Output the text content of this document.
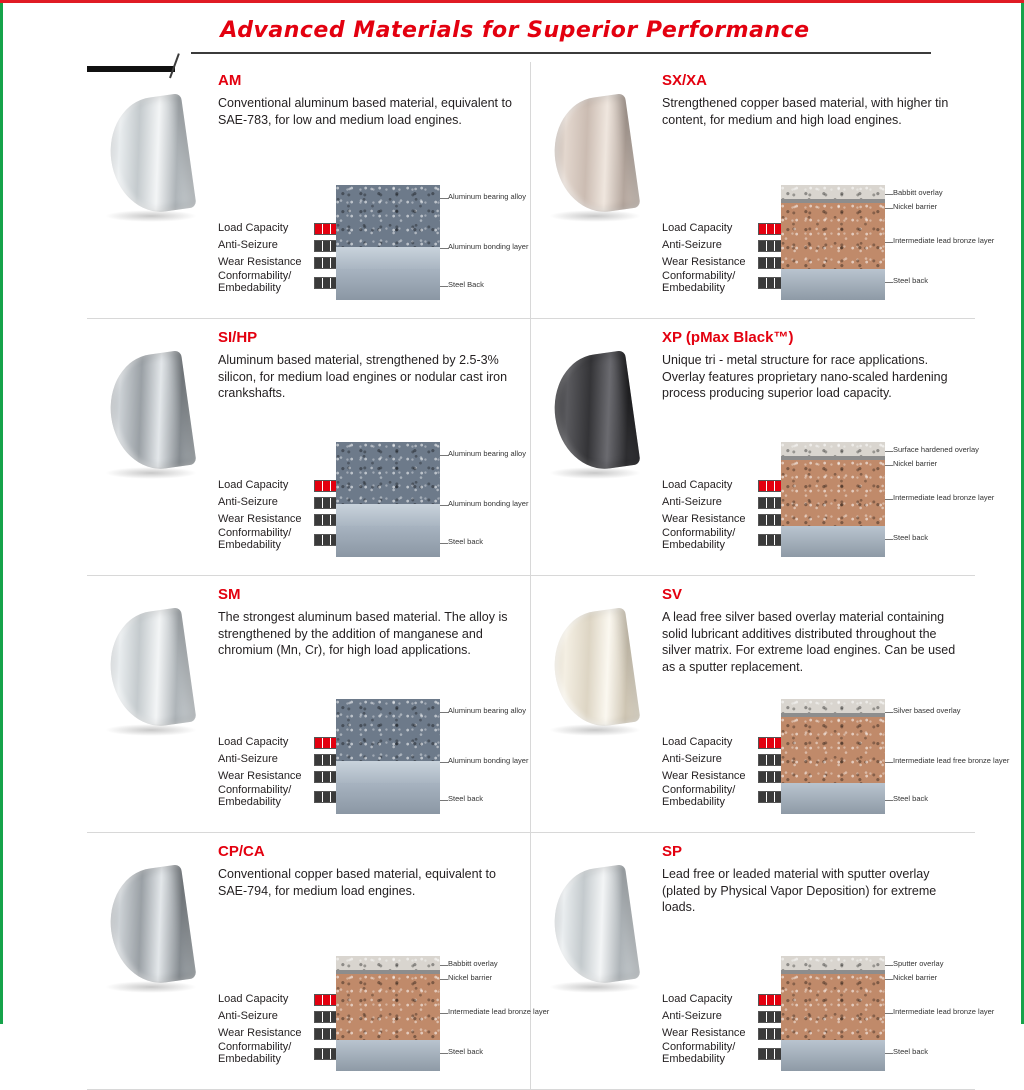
Advanced Materials for Superior Performance
AM

Conventional aluminum based material, equivalent to SAE-783, for low and medium load engines.

Load Capacity
Anti-Seizure
Wear Resistance
Conformability/
Embedability
Aluminum bearing alloy
Aluminum bonding layer
Steel Back
SX/XA

Strengthened copper based material, with higher tin content, for medium and high load engines.

Load Capacity
Anti-Seizure
Wear Resistance
Conformability/
Embedability
Babbitt overlay
Nickel barrier
Intermediate lead bronze layer
Steel back
SI/HP

Aluminum based material, strengthened by 2.5-3% silicon, for medium load engines or nodular cast iron crankshafts.

Load Capacity
Anti-Seizure
Wear Resistance
Conformability/
Embedability
Aluminum bearing alloy
Aluminum bonding layer
Steel back
XP (pMax Black™)

Unique tri - metal structure for race applications. Overlay features proprietary nano-scaled hardening process producing superior load capacity.

Load Capacity
Anti-Seizure
Wear Resistance
Conformability/
Embedability
Surface hardened overlay
Nickel barrier
Intermediate lead bronze layer
Steel back
SM

The strongest aluminum based material. The alloy is strengthened by the addition of manganese and chromium (Mn, Cr), for high load applications.

Load Capacity
Anti-Seizure
Wear Resistance
Conformability/
Embedability
Aluminum bearing alloy
Aluminum bonding layer
Steel back
SV

A lead free silver based overlay material containing solid lubricant additives distributed throughout the silver matrix. For extreme load engines. Can be used as a sputter replacement.

Load Capacity
Anti-Seizure
Wear Resistance
Conformability/
Embedability
Silver based overlay
Intermediate lead free bronze layer
Steel back
CP/CA

Conventional copper based material, equivalent to SAE-794, for medium load engines.

Load Capacity
Anti-Seizure
Wear Resistance
Conformability/
Embedability
Babbitt overlay
Nickel barrier
Intermediate lead bronze layer
Steel back
SP

Lead free or leaded material with sputter overlay (plated by Physical Vapor Deposition) for extreme loads.

Load Capacity
Anti-Seizure
Wear Resistance
Conformability/
Embedability
Sputter overlay
Nickel barrier
Intermediate lead bronze layer
Steel back
